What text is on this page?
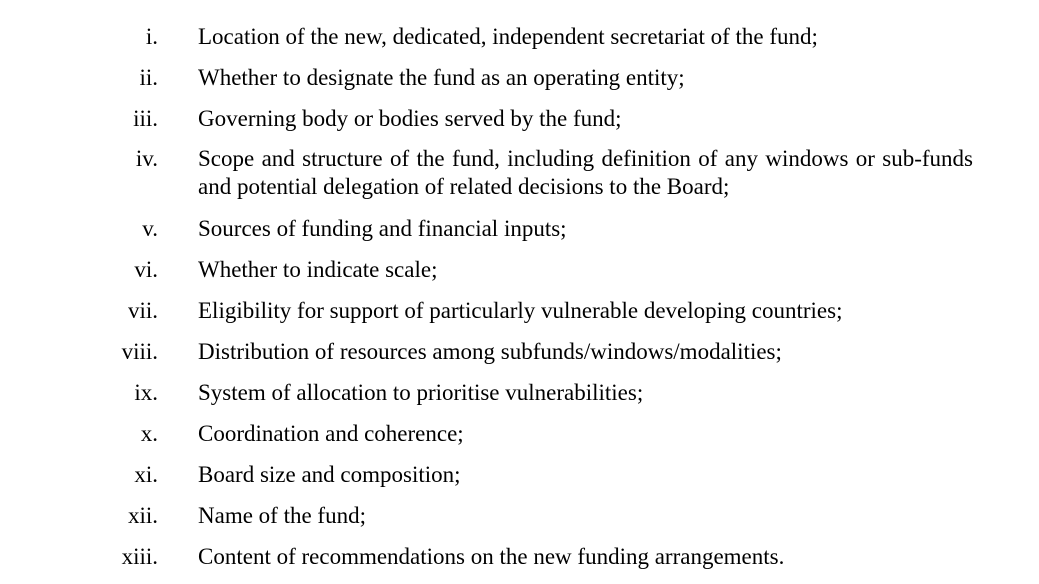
i. Location of the new, dedicated, independent secretariat of the fund;
ii. Whether to designate the fund as an operating entity;
iii. Governing body or bodies served by the fund;
iv. Scope and structure of the fund, including definition of any windows or sub-funds and potential delegation of related decisions to the Board;
v. Sources of funding and financial inputs;
vi. Whether to indicate scale;
vii. Eligibility for support of particularly vulnerable developing countries;
viii. Distribution of resources among subfunds/windows/modalities;
ix. System of allocation to prioritise vulnerabilities;
x. Coordination and coherence;
xi. Board size and composition;
xii. Name of the fund;
xiii. Content of recommendations on the new funding arrangements.
